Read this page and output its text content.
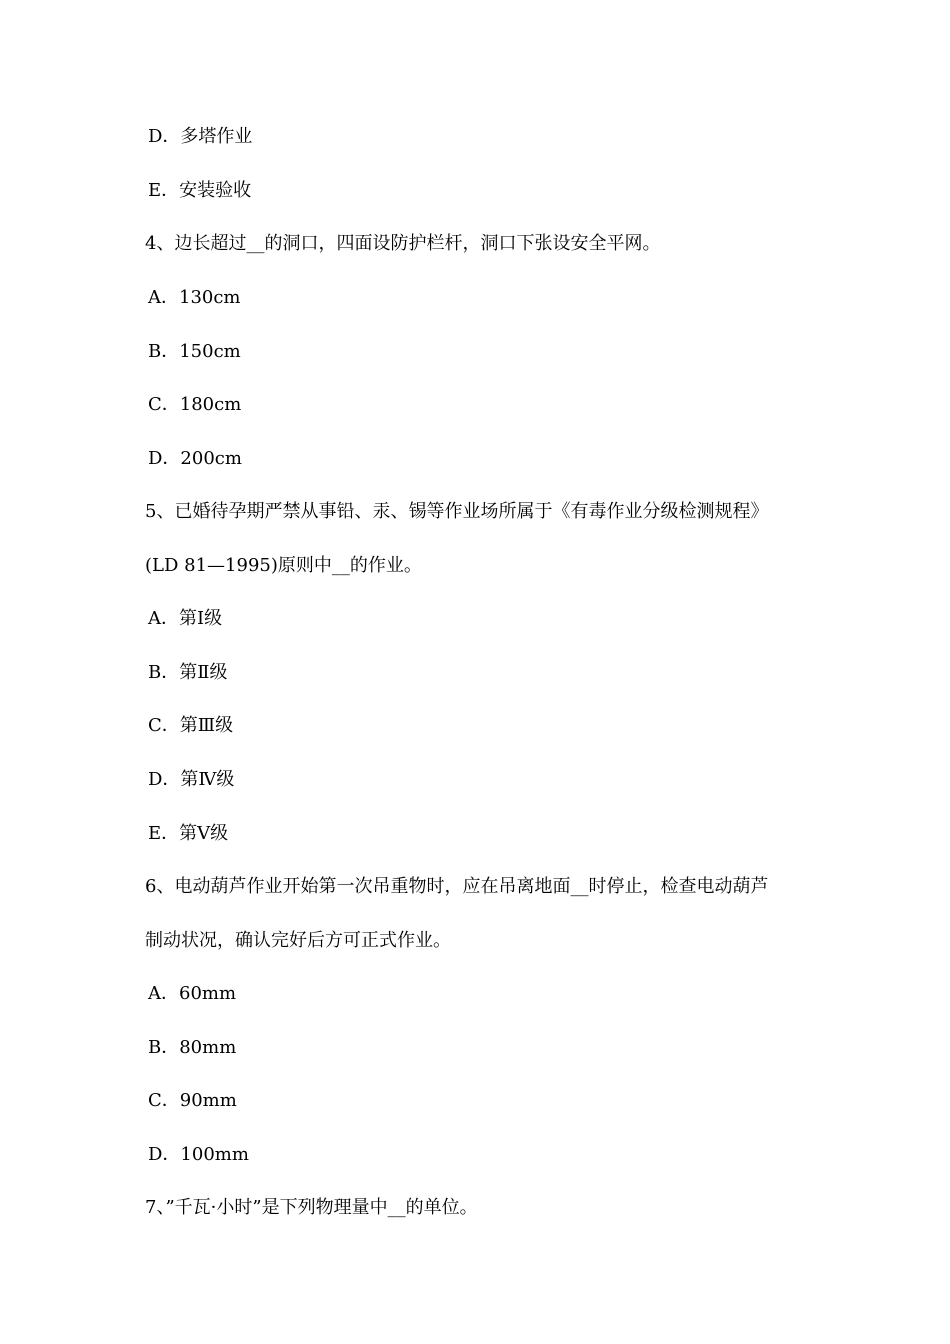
D．多塔作业
E．安装验收
4、边长超过__的洞口，四面设防护栏杆，洞口下张设安全平网。
A．130cm
B．150cm
C．180cm
D．200cm
5、已婚待孕期严禁从事铅、汞、锡等作业场所属于《有毒作业分级检测规程》
(LD 81—1995)原则中__的作业。
A．第Ⅰ级
B．第Ⅱ级
C．第Ⅲ级
D．第Ⅳ级
E．第Ⅴ级
6、电动葫芦作业开始第一次吊重物时，应在吊离地面__时停止，检查电动葫芦
制动状况，确认完好后方可正式作业。
A．60mm
B．80mm
C．90mm
D．100mm
7、”千瓦·小时”是下列物理量中__的单位。
